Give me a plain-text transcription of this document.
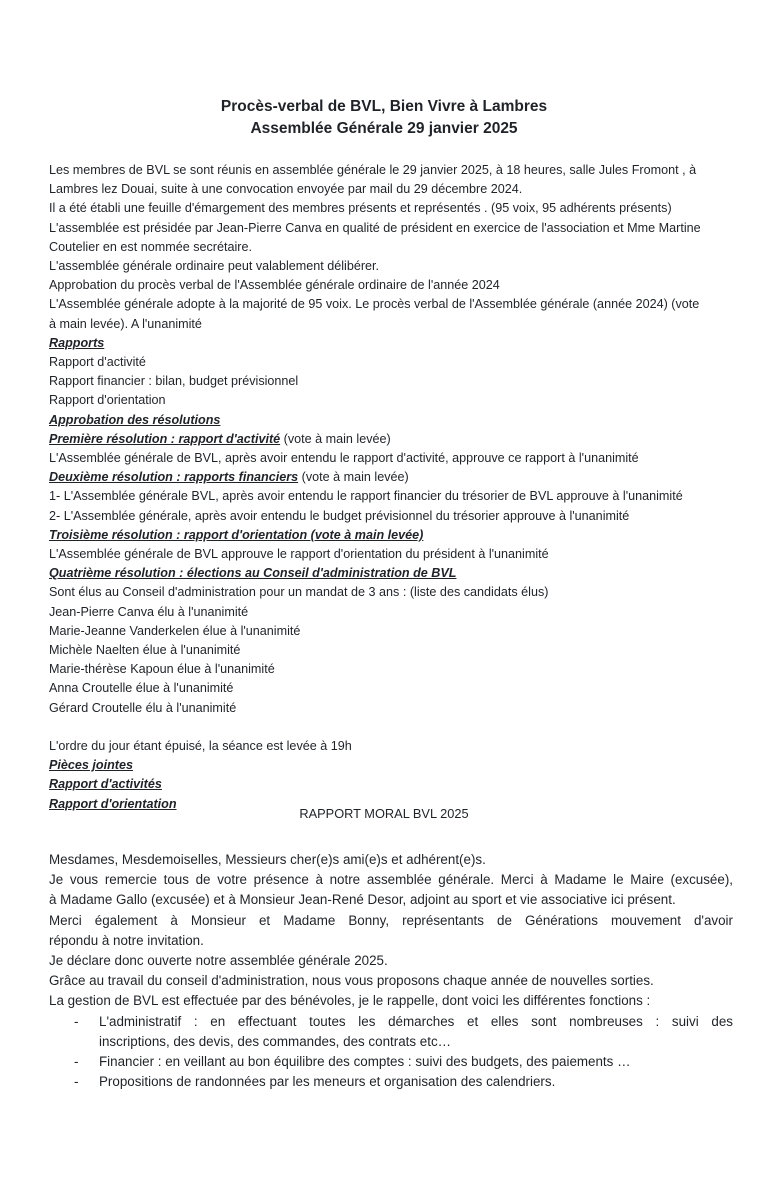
Procès-verbal de BVL, Bien Vivre à Lambres
Assemblée Générale 29 janvier 2025
Les membres de BVL se sont réunis en assemblée générale le 29 janvier 2025, à 18 heures, salle Jules Fromont , à
Lambres lez Douai, suite à une convocation envoyée par mail du 29 décembre 2024.
Il a été établi une feuille d'émargement des membres présents et représentés . (95 voix, 95 adhérents présents)
L'assemblée est présidée par Jean-Pierre Canva en qualité de président en exercice de l'association et Mme Martine
Coutelier en est nommée secrétaire.
L'assemblée générale ordinaire peut valablement délibérer.
Approbation du procès verbal de l'Assemblée générale ordinaire de l'année 2024
L'Assemblée générale adopte à la majorité de 95 voix. Le procès verbal de l'Assemblée générale (année 2024) (vote
à main levée). A l'unanimité
Rapports
Rapport d'activité
Rapport financier : bilan, budget prévisionnel
Rapport d'orientation
Approbation des résolutions
Première résolution : rapport d'activité (vote à main levée)
L'Assemblée générale de BVL, après avoir entendu le rapport d'activité, approuve ce rapport à l'unanimité
Deuxième résolution : rapports financiers (vote à main levée)
1- L'Assemblée générale BVL, après avoir entendu le rapport financier du trésorier de BVL approuve à l'unanimité
2- L'Assemblée générale, après avoir entendu le budget prévisionnel du trésorier approuve à l'unanimité
Troisième résolution : rapport d'orientation (vote à main levée)
L'Assemblée générale de BVL approuve le rapport d'orientation du président à l'unanimité
Quatrième résolution : élections au Conseil d'administration de BVL
Sont élus au Conseil d'administration pour un mandat de 3 ans : (liste des candidats élus)
Jean-Pierre Canva élu à l'unanimité
Marie-Jeanne Vanderkelen élue à l'unanimité
Michèle Naelten élue à l'unanimité
Marie-thérèse Kapoun élue à l'unanimité
Anna Croutelle élue à l'unanimité
Gérard Croutelle élu à l'unanimité
L'ordre du jour étant épuisé, la séance est levée à 19h
Pièces jointes
Rapport d'activités
Rapport d'orientation
RAPPORT MORAL BVL 2025
Mesdames, Mesdemoiselles, Messieurs cher(e)s ami(e)s et adhérent(e)s.
Je vous remercie tous de votre présence à notre assemblée générale. Merci à Madame le Maire (excusée),
à Madame Gallo (excusée) et à Monsieur Jean-René Desor, adjoint au sport et vie associative ici présent.
Merci également à Monsieur et Madame Bonny, représentants de Générations mouvement d'avoir
répondu à notre invitation.
Je déclare donc ouverte notre assemblée générale 2025.
Grâce au travail du conseil d'administration, nous vous proposons chaque année de nouvelles sorties.
La gestion de BVL est effectuée par des bénévoles, je le rappelle, dont voici les différentes fonctions :
- L'administratif : en effectuant toutes les démarches et elles sont nombreuses : suivi des
inscriptions, des devis, des commandes, des contrats etc…
- Financier : en veillant au bon équilibre des comptes : suivi des budgets, des paiements …
- Propositions de randonnées par les meneurs et organisation des calendriers.
